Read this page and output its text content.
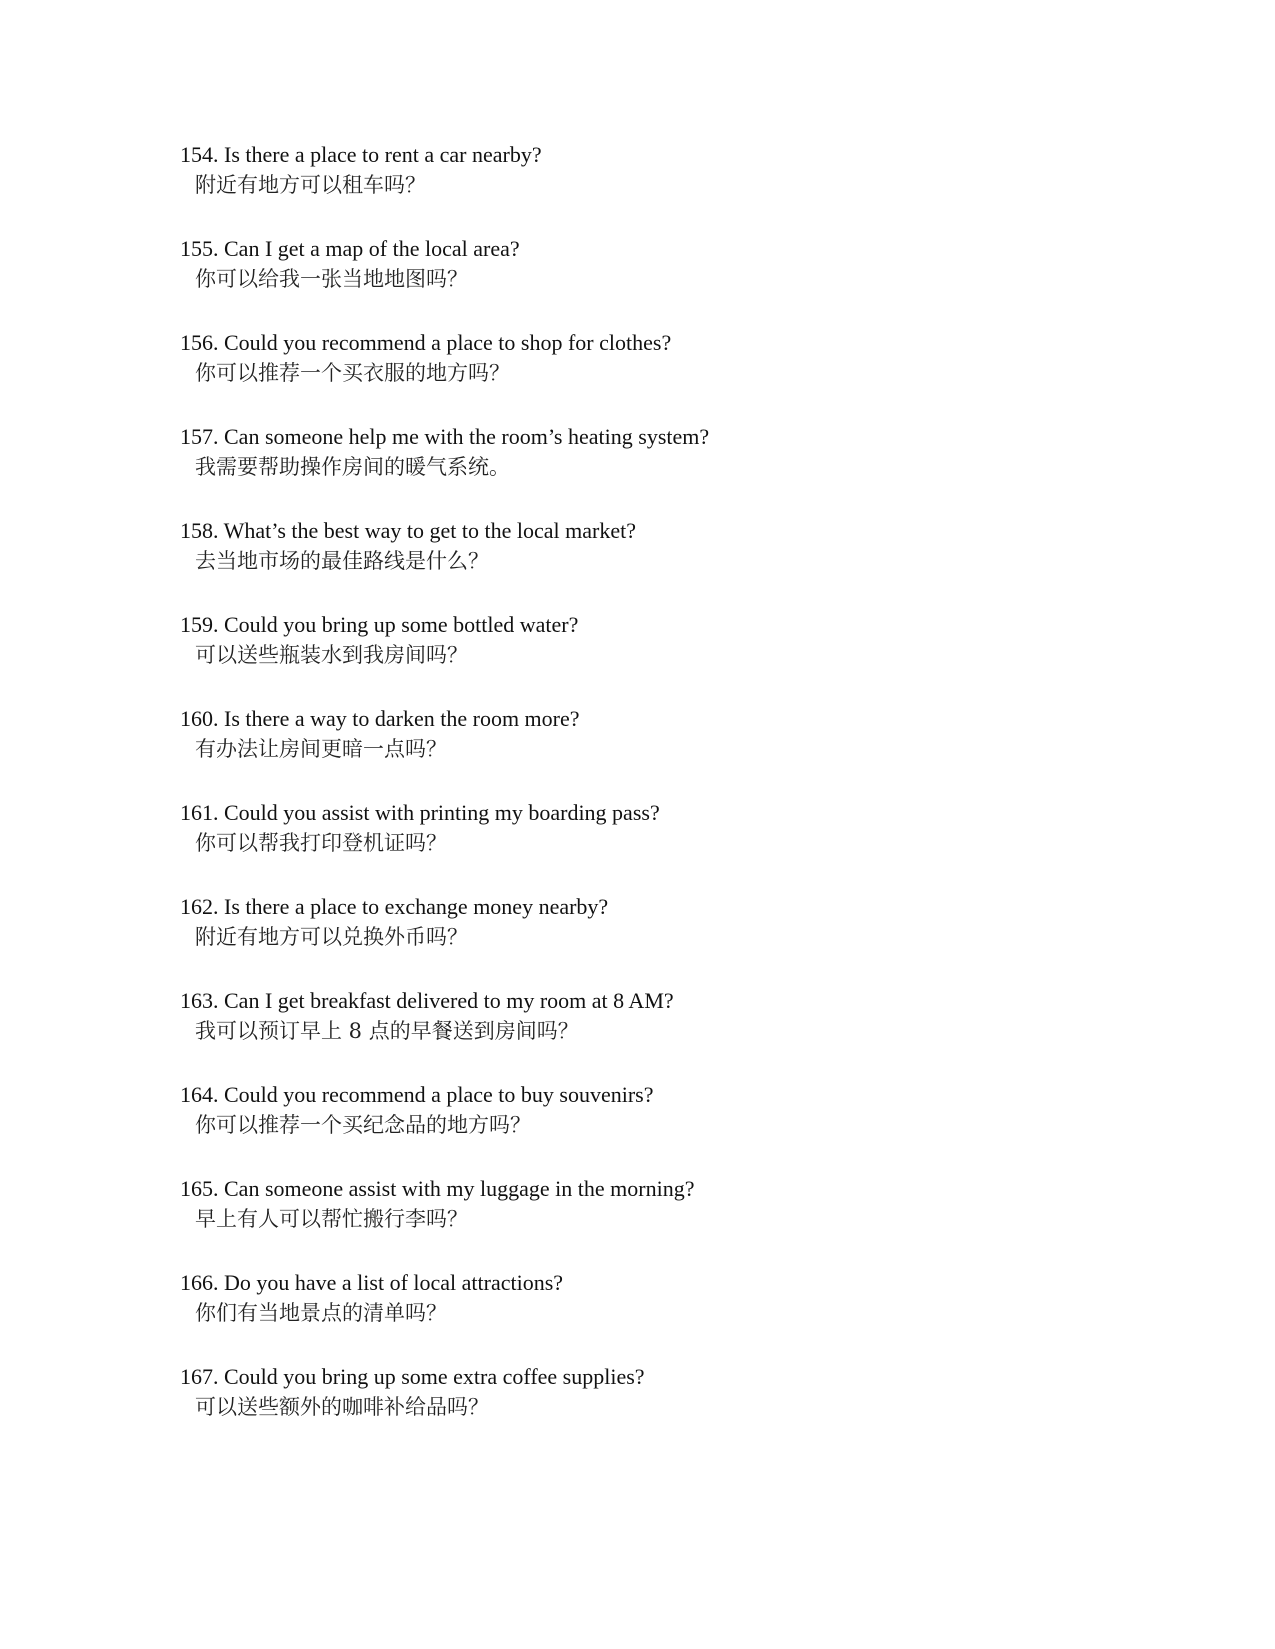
154. Is there a place to rent a car nearby?
附近有地方可以租车吗？
155. Can I get a map of the local area?
你可以给我一张当地地图吗？
156. Could you recommend a place to shop for clothes?
你可以推荐一个买衣服的地方吗？
157. Can someone help me with the room’s heating system?
我需要帮助操作房间的暖气系统。
158. What’s the best way to get to the local market?
去当地市场的最佳路线是什么？
159. Could you bring up some bottled water?
可以送些瓶装水到我房间吗？
160. Is there a way to darken the room more?
有办法让房间更暗一点吗？
161. Could you assist with printing my boarding pass?
你可以帮我打印登机证吗？
162. Is there a place to exchange money nearby?
附近有地方可以兑换外币吗？
163. Can I get breakfast delivered to my room at 8 AM?
我可以预订早上 8 点的早餐送到房间吗？
164. Could you recommend a place to buy souvenirs?
你可以推荐一个买纪念品的地方吗？
165. Can someone assist with my luggage in the morning?
早上有人可以帮忙搬行李吗？
166. Do you have a list of local attractions?
你们有当地景点的清单吗？
167. Could you bring up some extra coffee supplies?
可以送些额外的咖啡补给品吗？
